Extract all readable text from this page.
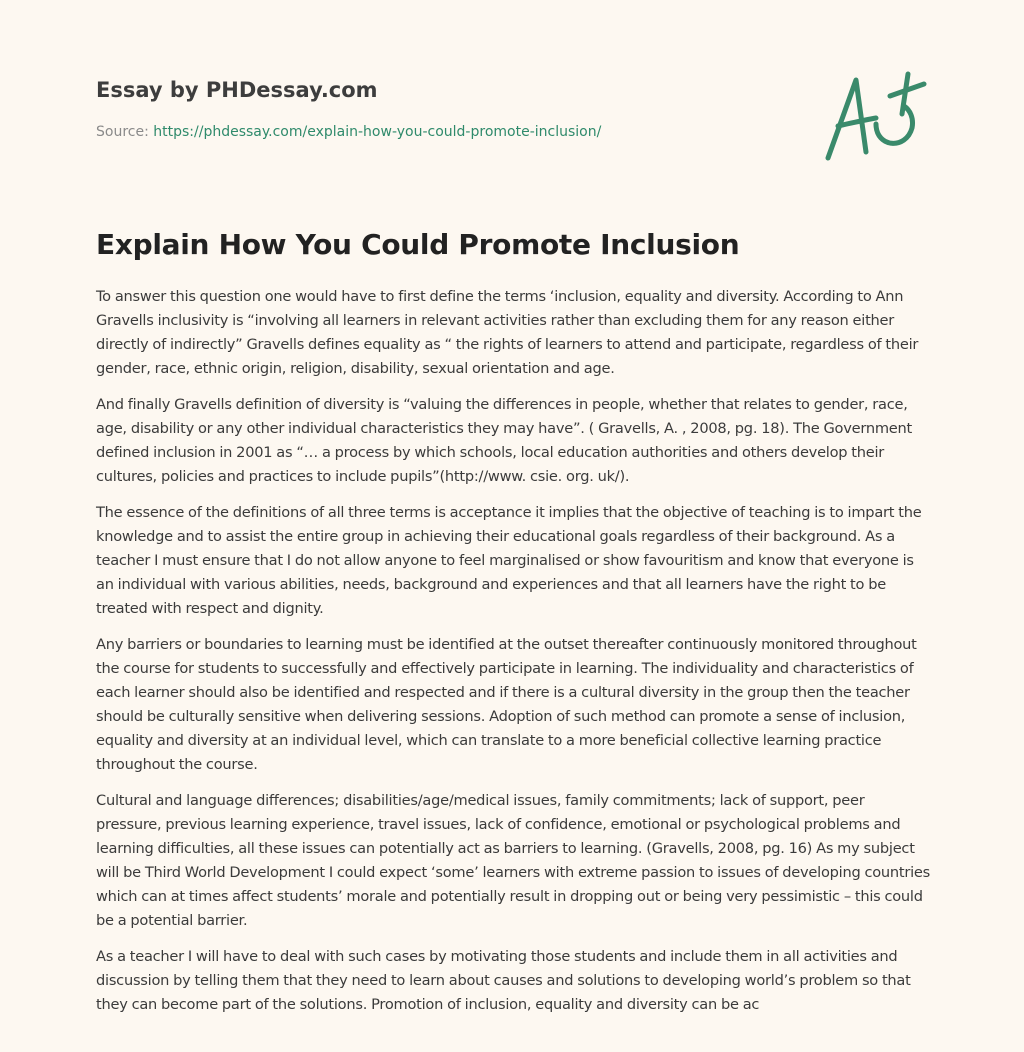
Essay by PHDessay.com
Source: https://phdessay.com/explain-how-you-could-promote-inclusion/
Explain How You Could Promote Inclusion

To answer this question one would have to first define the terms ‘inclusion, equality and diversity. According to Ann Gravells inclusivity is “involving all learners in relevant activities rather than excluding them for any reason either directly of indirectly” Gravells defines equality as “ the rights of learners to attend and participate, regardless of their gender, race, ethnic origin, religion, disability, sexual orientation and age.

And finally Gravells definition of diversity is “valuing the differences in people, whether that relates to gender, race, age, disability or any other individual characteristics they may have”. ( Gravells, A. , 2008, pg. 18). The Government defined inclusion in 2001 as “… a process by which schools, local education authorities and others develop their cultures, policies and practices to include pupils”(http://www. csie. org. uk/).

The essence of the definitions of all three terms is acceptance it implies that the objective of teaching is to impart the knowledge and to assist the entire group in achieving their educational goals regardless of their background. As a teacher I must ensure that I do not allow anyone to feel marginalised or show favouritism and know that everyone is an individual with various abilities, needs, background and experiences and that all learners have the right to be treated with respect and dignity.

Any barriers or boundaries to learning must be identified at the outset thereafter continuously monitored throughout the course for students to successfully and effectively participate in learning. The individuality and characteristics of each learner should also be identified and respected and if there is a cultural diversity in the group then the teacher should be culturally sensitive when delivering sessions. Adoption of such method can promote a sense of inclusion, equality and diversity at an individual level, which can translate to a more beneficial collective learning practice throughout the course.

Cultural and language differences; disabilities/age/medical issues, family commitments; lack of support, peer pressure, previous learning experience, travel issues, lack of confidence, emotional or psychological problems and learning difficulties, all these issues can potentially act as barriers to learning. (Gravells, 2008, pg. 16) As my subject will be Third World Development I could expect ‘some’ learners with extreme passion to issues of developing countries which can at times affect students’ morale and potentially result in dropping out or being very pessimistic – this could be a potential barrier.

As a teacher I will have to deal with such cases by motivating those students and include them in all activities and discussion by telling them that they need to learn about causes and solutions to developing world’s problem so that they can become part of the solutions. Promotion of inclusion, equality and diversity can be ac
